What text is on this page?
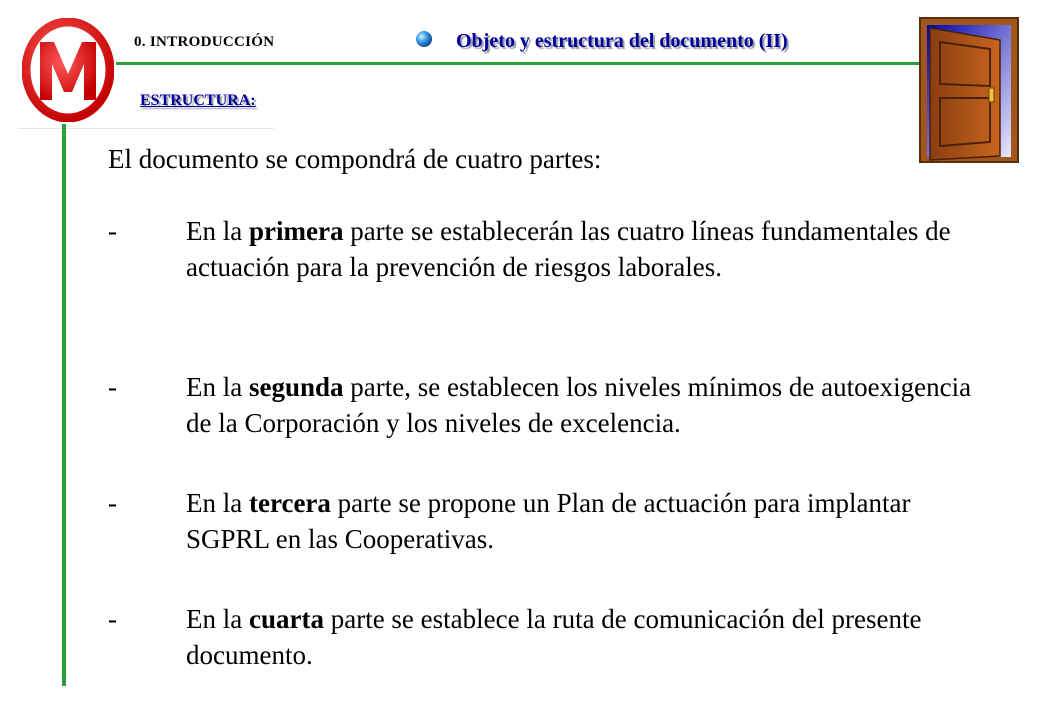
0. INTRODUCCIÓN	Objeto y estructura del documento (II)
ESTRUCTURA:
El documento se compondrá de cuatro partes:
-	En la primera parte se establecerán las cuatro líneas fundamentales de actuación para la prevención de riesgos laborales.
-	En la segunda parte, se establecen los niveles mínimos de autoexigencia de la Corporación y los niveles de excelencia.
-	En la tercera parte se propone un Plan de actuación para implantar SGPRL en las Cooperativas.
-	En la cuarta parte se establece la ruta de comunicación del presente documento.
